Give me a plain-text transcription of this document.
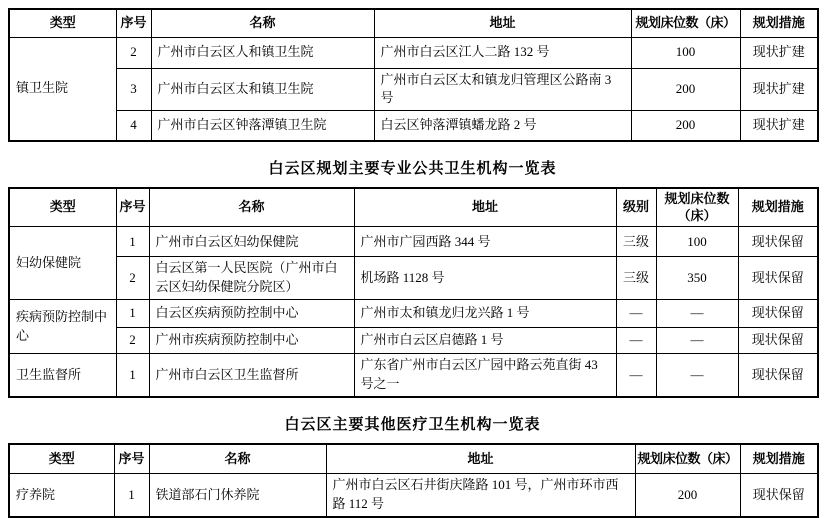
类型	序号	名称	地址	规划床位数（床）	规划措施
镇卫生院	2	广州市白云区人和镇卫生院	广州市白云区江人二路 132 号	100	现状扩建
	3	广州市白云区太和镇卫生院	广州市白云区太和镇龙归管理区公路南 3 号	200	现状扩建
	4	广州市白云区钟落潭镇卫生院	白云区钟落潭镇蟠龙路 2 号	200	现状扩建
白云区规划主要专业公共卫生机构一览表
类型	序号	名称	地址	级别	规划床位数（床）	规划措施
妇幼保健院	1	广州市白云区妇幼保健院	广州市广园西路 344 号	三级	100	现状保留
	2	白云区第一人民医院（广州市白云区妇幼保健院分院区）	机场路 1128 号	三级	350	现状保留
疾病预防控制中心	1	白云区疾病预防控制中心	广州市太和镇龙归龙兴路 1 号	—	—	现状保留
	2	广州市疾病预防控制中心	广州市白云区启德路 1 号	—	—	现状保留
卫生监督所	1	广州市白云区卫生监督所	广东省广州市白云区广园中路云苑直街 43 号之一	—	—	现状保留
白云区主要其他医疗卫生机构一览表
类型	序号	名称	地址	规划床位数（床）	规划措施
疗养院	1	铁道部石门休养院	广州市白云区石井街庆隆路 101 号，广州市环市西路 112 号	200	现状保留
